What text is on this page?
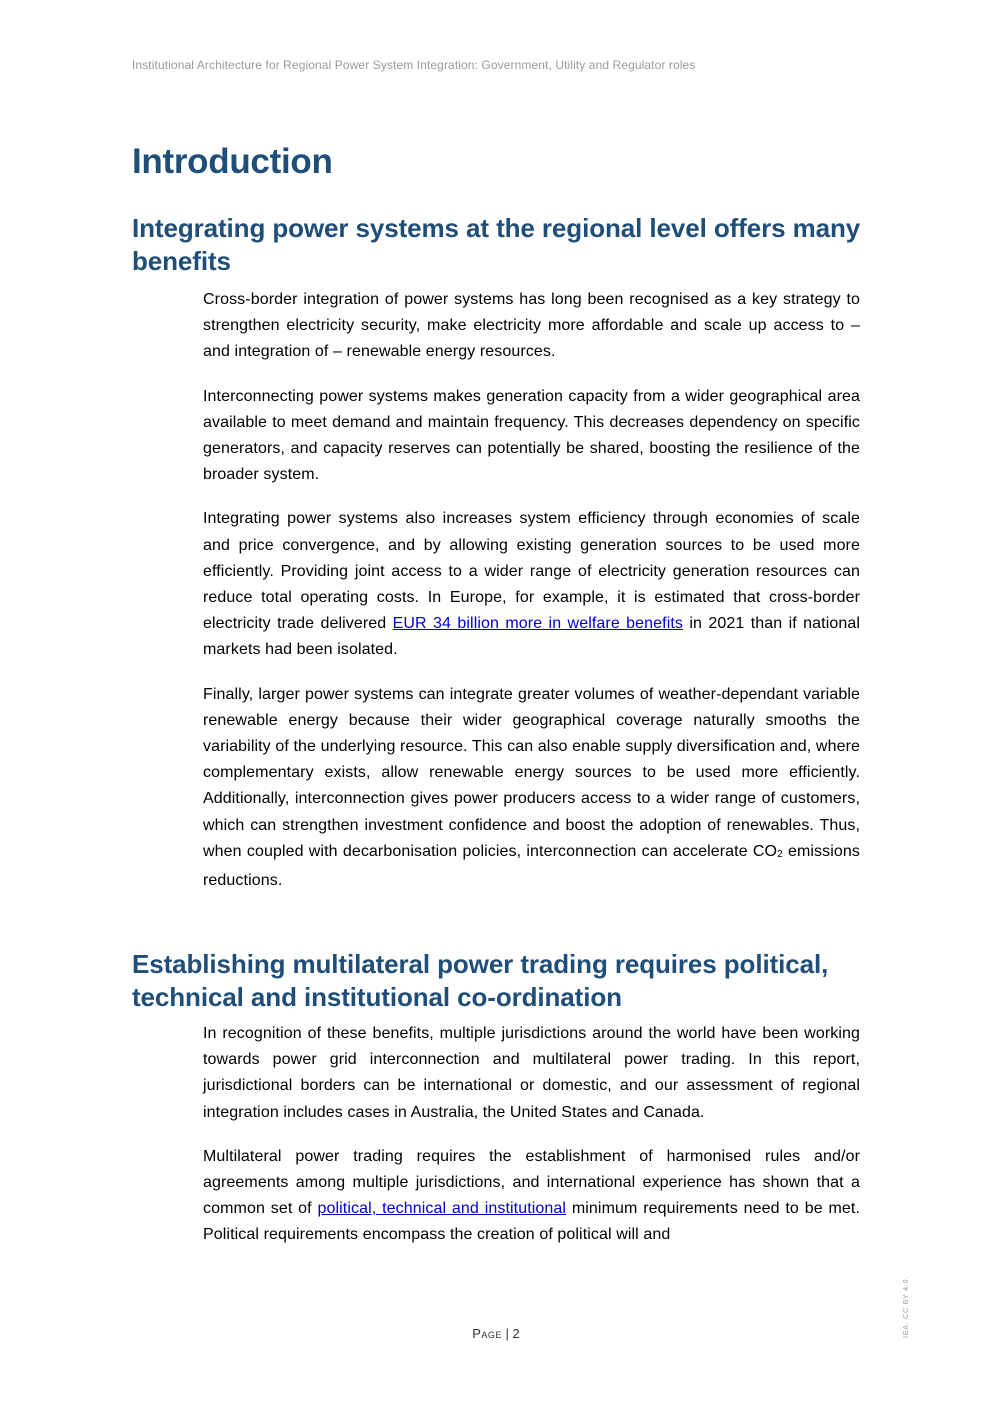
Institutional Architecture for Regional Power System Integration: Government, Utility and Regulator roles
Introduction
Integrating power systems at the regional level offers many benefits

Cross-border integration of power systems has long been recognised as a key strategy to strengthen electricity security, make electricity more affordable and scale up access to – and integration of – renewable energy resources.

Interconnecting power systems makes generation capacity from a wider geographical area available to meet demand and maintain frequency. This decreases dependency on specific generators, and capacity reserves can potentially be shared, boosting the resilience of the broader system.

Integrating power systems also increases system efficiency through economies of scale and price convergence, and by allowing existing generation sources to be used more efficiently. Providing joint access to a wider range of electricity generation resources can reduce total operating costs. In Europe, for example, it is estimated that cross-border electricity trade delivered EUR 34 billion more in welfare benefits in 2021 than if national markets had been isolated.

Finally, larger power systems can integrate greater volumes of weather-dependant variable renewable energy because their wider geographical coverage naturally smooths the variability of the underlying resource. This can also enable supply diversification and, where complementary exists, allow renewable energy sources to be used more efficiently. Additionally, interconnection gives power producers access to a wider range of customers, which can strengthen investment confidence and boost the adoption of renewables. Thus, when coupled with decarbonisation policies, interconnection can accelerate $CO_2$ emissions reductions.

Establishing multilateral power trading requires political, technical and institutional co-ordination

In recognition of these benefits, multiple jurisdictions around the world have been working towards power grid interconnection and multilateral power trading. In this report, jurisdictional borders can be international or domestic, and our assessment of regional integration includes cases in Australia, the United States and Canada.

Multilateral power trading requires the establishment of harmonised rules and/or agreements among multiple jurisdictions, and international experience has shown that a common set of political, technical and institutional minimum requirements need to be met. Political requirements encompass the creation of political will and

Page | 2	IEA. CC BY 4.0.
